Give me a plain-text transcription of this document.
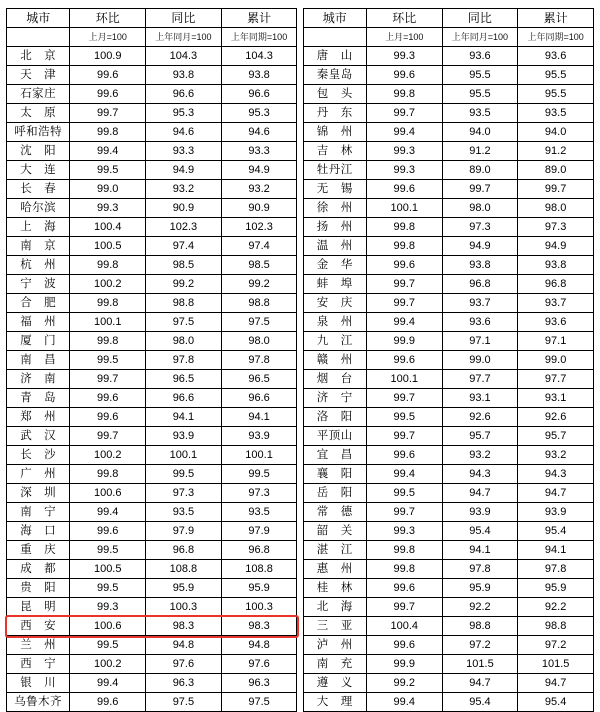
城市	环比	同比	累计		城市	环比	同比	累计
	上月=100	上年同月=100	上年同期=100			上月=100	上年同月=100	上年同期=100
北　京	100.9	104.3	104.3		唐　山	99.3	93.6	93.6
天　津	99.6	93.8	93.8		秦皇岛	99.6	95.5	95.5
石家庄	99.6	96.6	96.6		包　头	99.8	95.5	95.5
太　原	99.7	95.3	95.3		丹　东	99.7	93.5	93.5
呼和浩特	99.8	94.6	94.6		锦　州	99.4	94.0	94.0
沈　阳	99.4	93.3	93.3		吉　林	99.3	91.2	91.2
大　连	99.5	94.9	94.9		牡丹江	99.3	89.0	89.0
长　春	99.0	93.2	93.2		无　锡	99.6	99.7	99.7
哈尔滨	99.3	90.9	90.9		徐　州	100.1	98.0	98.0
上　海	100.4	102.3	102.3		扬　州	99.8	97.3	97.3
南　京	100.5	97.4	97.4		温　州	99.8	94.9	94.9
杭　州	99.8	98.5	98.5		金　华	99.6	93.8	93.8
宁　波	100.2	99.2	99.2		蚌　埠	99.7	96.8	96.8
合　肥	99.8	98.8	98.8		安　庆	99.7	93.7	93.7
福　州	100.1	97.5	97.5		泉　州	99.4	93.6	93.6
厦　门	99.8	98.0	98.0		九　江	99.9	97.1	97.1
南　昌	99.5	97.8	97.8		赣　州	99.6	99.0	99.0
济　南	99.7	96.5	96.5		烟　台	100.1	97.7	97.7
青　岛	99.6	96.6	96.6		济　宁	99.7	93.1	93.1
郑　州	99.6	94.1	94.1		洛　阳	99.5	92.6	92.6
武　汉	99.7	93.9	93.9		平顶山	99.7	95.7	95.7
长　沙	100.2	100.1	100.1		宜　昌	99.6	93.2	93.2
广　州	99.8	99.5	99.5		襄　阳	99.4	94.3	94.3
深　圳	100.6	97.3	97.3		岳　阳	99.5	94.7	94.7
南　宁	99.4	93.5	93.5		常　德	99.7	93.9	93.9
海　口	99.6	97.9	97.9		韶　关	99.3	95.4	95.4
重　庆	99.5	96.8	96.8		湛　江	99.8	94.1	94.1
成　都	100.5	108.8	108.8		惠　州	99.8	97.8	97.8
贵　阳	99.5	95.9	95.9		桂　林	99.6	95.9	95.9
昆　明	99.3	100.3	100.3		北　海	99.7	92.2	92.2
西　安	100.6	98.3	98.3		三　亚	100.4	98.8	98.8
兰　州	99.5	94.8	94.8		泸　州	99.6	97.2	97.2
西　宁	100.2	97.6	97.6		南　充	99.9	101.5	101.5
银　川	99.4	96.3	96.3		遵　义	99.2	94.7	94.7
乌鲁木齐	99.6	97.5	97.5		大　理	99.4	95.4	95.4
